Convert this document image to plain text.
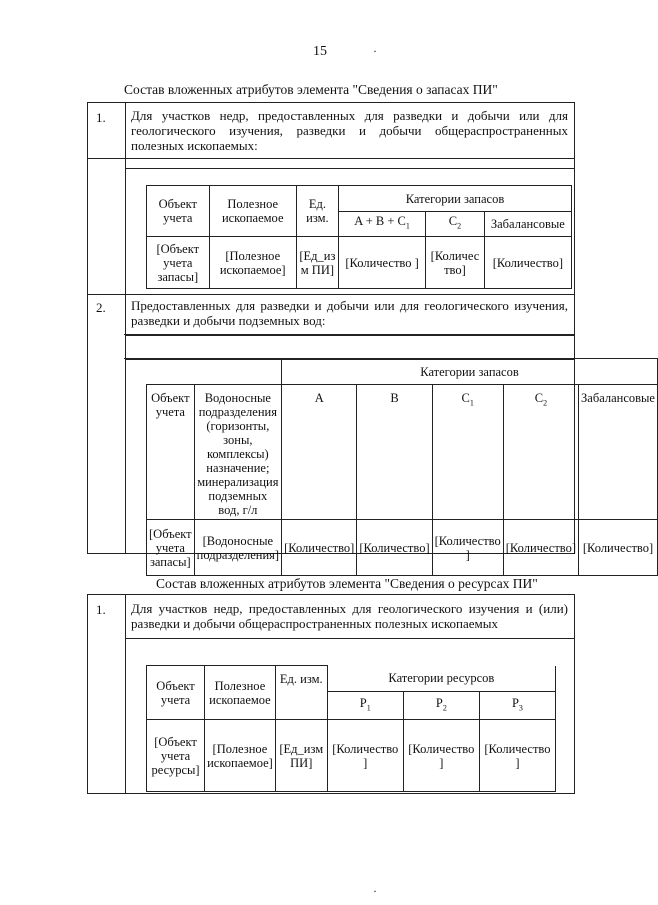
15	·
Состав вложенных атрибутов элемента "Сведения о запасах ПИ"
1. Для участков недр, предоставленных для разведки и добычи или для геологического изучения, разведки и добычи общераспространенных полезных ископаемых:
Объект учета	Полезное ископаемое	Ед. изм.	Категории запасов		
			$A + B + C_1$	$C_2$	Забалансовые
[Объект учета запасы]	[Полезное ископаемое]	[Ед_из м ПИ]	[Количество ]	[Количес тво]	[Количество]
2. Предоставленных для разведки и добычи или для геологического изучения, разведки и добычи подземных вод:
		Категории запасов				
Объект учета	Водоносные подразделения (горизонты, зоны, комплексы) назначение; минерализация подземных вод, г/л	A	B	$C_1$	$C_2$	Забалансовые
[Объект учета запасы]	[Водоносные подразделения]	[Количество]	[Количество]	[Количество ]	[Количество]	[Количество]
Состав вложенных атрибутов элемента "Сведения о ресурсах ПИ"
1. Для участков недр, предоставленных для геологического изучения и (или) разведки и добычи общераспространенных полезных ископаемых
Объект учета	Полезное ископаемое	Ед. изм.	Категории ресурсов		
			$P_1$	$P_2$	$P_3$
[Объект учета ресурсы]	[Полезное ископаемое]	[Ед_изм ПИ]	[Количество ]	[Количество ]	[Количество ]
·
